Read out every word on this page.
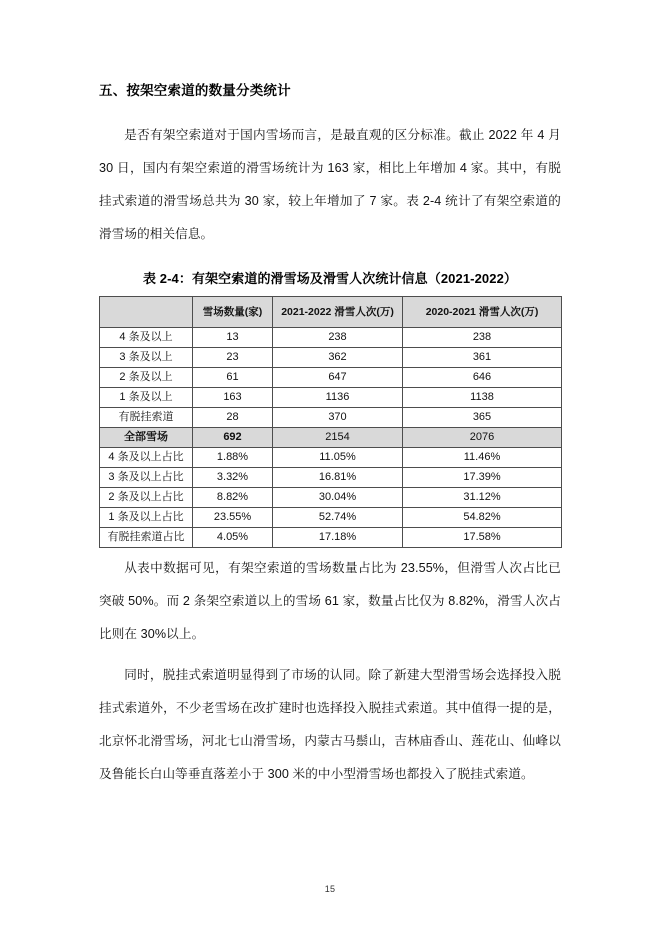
五、按架空索道的数量分类统计

是否有架空索道对于国内雪场而言，是最直观的区分标准。截止 2022 年 4 月 30 日，国内有架空索道的滑雪场统计为 163 家，相比上年增加 4 家。其中，有脱挂式索道的滑雪场总共为 30 家，较上年增加了 7 家。表 2-4 统计了有架空索道的滑雪场的相关信息。

表 2-4：有架空索道的滑雪场及滑雪人次统计信息（2021-2022）
	雪场数量(家)	2021-2022 滑雪人次(万)	2020-2021 滑雪人次(万)
4 条及以上	13	238	238
3 条及以上	23	362	361
2 条及以上	61	647	646
1 条及以上	163	1136	1138
有脱挂索道	28	370	365
全部雪场	692	2154	2076
4 条及以上占比	1.88%	11.05%	11.46%
3 条及以上占比	3.32%	16.81%	17.39%
2 条及以上占比	8.82%	30.04%	31.12%
1 条及以上占比	23.55%	52.74%	54.82%
有脱挂索道占比	4.05%	17.18%	17.58%

从表中数据可见，有架空索道的雪场数量占比为 23.55%，但滑雪人次占比已突破 50%。而 2 条架空索道以上的雪场 61 家，数量占比仅为 8.82%，滑雪人次占比则在 30%以上。

同时，脱挂式索道明显得到了市场的认同。除了新建大型滑雪场会选择投入脱挂式索道外，不少老雪场在改扩建时也选择投入脱挂式索道。其中值得一提的是，北京怀北滑雪场，河北七山滑雪场，内蒙古马鬃山，吉林庙香山、莲花山、仙峰以及鲁能长白山等垂直落差小于 300 米的中小型滑雪场也都投入了脱挂式索道。

15
